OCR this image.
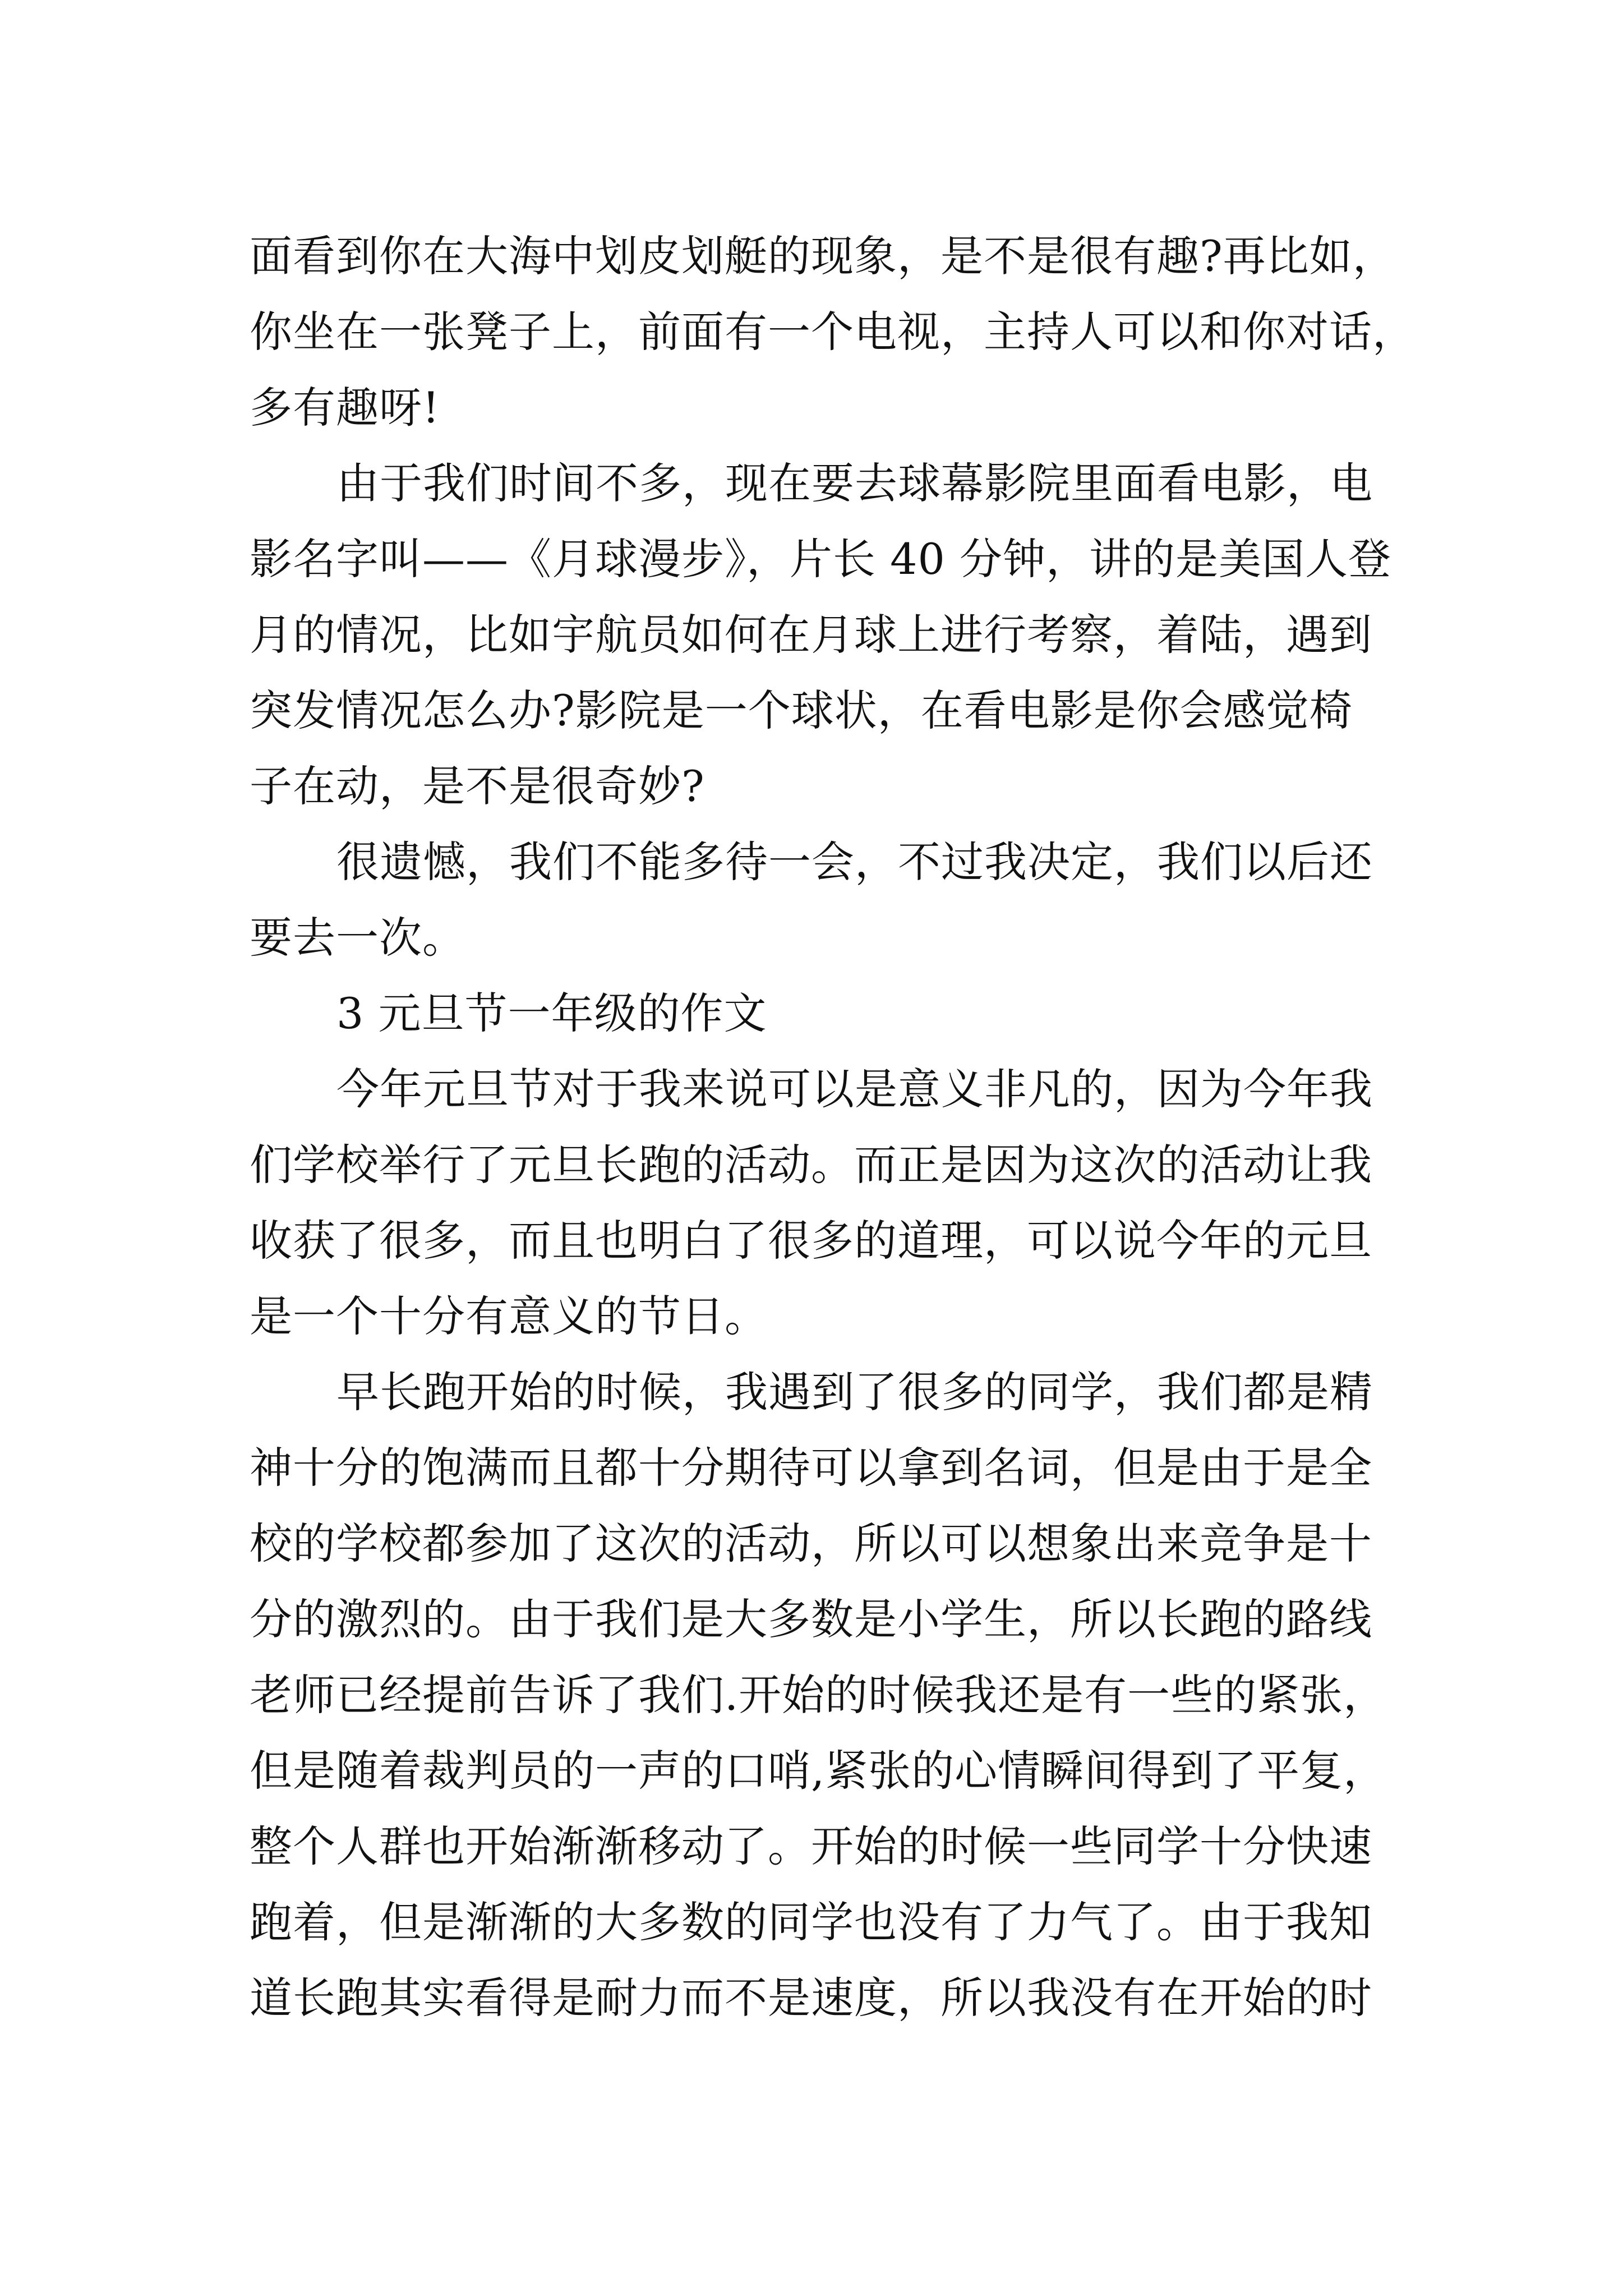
面看到你在大海中划皮划艇的现象，是不是很有趣?再比如，
你坐在一张凳子上，前面有一个电视，主持人可以和你对话，
多有趣呀!
由于我们时间不多，现在要去球幕影院里面看电影，电
影名字叫——《月球漫步》，片长 40 分钟，讲的是美国人登
月的情况，比如宇航员如何在月球上进行考察，着陆，遇到
突发情况怎么办?影院是一个球状，在看电影是你会感觉椅
子在动，是不是很奇妙?
很遗憾，我们不能多待一会，不过我决定，我们以后还
要去一次。
3 元旦节一年级的作文
今年元旦节对于我来说可以是意义非凡的，因为今年我
们学校举行了元旦长跑的活动。而正是因为这次的活动让我
收获了很多，而且也明白了很多的道理，可以说今年的元旦
是一个十分有意义的节日。
早长跑开始的时候，我遇到了很多的同学，我们都是精
神十分的饱满而且都十分期待可以拿到名词，但是由于是全
校的学校都参加了这次的活动，所以可以想象出来竞争是十
分的激烈的。由于我们是大多数是小学生，所以长跑的路线
老师已经提前告诉了我们.开始的时候我还是有一些的紧张，
但是随着裁判员的一声的口哨,紧张的心情瞬间得到了平复，
整个人群也开始渐渐移动了。开始的时候一些同学十分快速
跑着，但是渐渐的大多数的同学也没有了力气了。由于我知
道长跑其实看得是耐力而不是速度，所以我没有在开始的时
